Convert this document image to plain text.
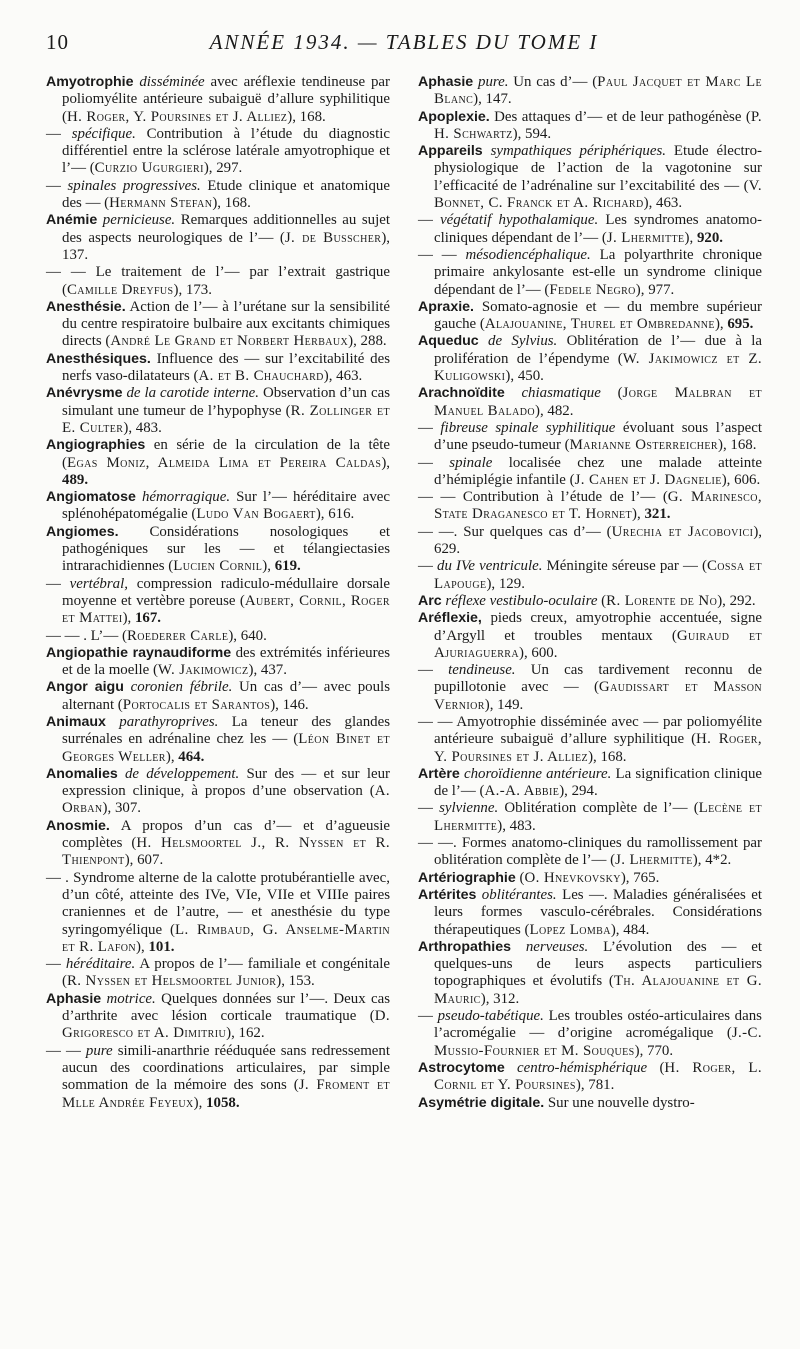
10	ANNÉE 1934. — TABLES DU TOME I
Amyotrophie disséminée avec aréflexie tendineuse par poliomyélite antérieure subaiguë d’allure syphilitique (H. Roger, Y. Poursines et J. Alliez), 168.
— spécifique. Contribution à l’étude du diagnostic différentiel entre la sclérose latérale amyotrophique et l’— (Curzio Ugurgieri), 297.
— spinales progressives. Etude clinique et anatomique des — (Hermann Stefan), 168.
Anémie pernicieuse. Remarques additionnelles au sujet des aspects neurologiques de l’— (J. de Busscher), 137.
— — Le traitement de l’— par l’extrait gastrique (Camille Dreyfus), 173.
Anesthésie. Action de l’— à l’urétane sur la sensibilité du centre respiratoire bulbaire aux excitants chimiques directs (André Le Grand et Norbert Herbaux), 288.
Anesthésiques. Influence des — sur l’excitabilité des nerfs vaso-dilatateurs (A. et B. Chauchard), 463.
Anévrysme de la carotide interne. Observation d’un cas simulant une tumeur de l’hypophyse (R. Zollinger et E. Culter), 483.
Angiographies en série de la circulation de la tête (Egas Moniz, Almeida Lima et Pereira Caldas), 489.
Angiomatose hémorragique. Sur l’— héréditaire avec splénohépatomégalie (Ludo Van Bogaert), 616.
Angiomes. Considérations nosologiques et pathogéniques sur les — et télangiectasies intrarachidiennes (Lucien Cornil), 619.
— vertébral, compression radiculo-médullaire dorsale moyenne et vertèbre poreuse (Aubert, Cornil, Roger et Mattei), 167.
— — . L’— (Roederer Carle), 640.
Angiopathie raynaudiforme des extrémités inférieures et de la moelle (W. Jakimowicz), 437.
Angor aigu coronien fébrile. Un cas d’— avec pouls alternant (Portocalis et Sarantos), 146.
Animaux parathyroprives. La teneur des glandes surrénales en adrénaline chez les — (Léon Binet et Georges Weller), 464.
Anomalies de développement. Sur des — et sur leur expression clinique, à propos d’une observation (A. Orban), 307.
Anosmie. A propos d’un cas d’— et d’agueusie complètes (H. Helsmoortel J., R. Nyssen et R. Thienpont), 607.
— . Syndrome alterne de la calotte protubérantielle avec, d’un côté, atteinte des IVe, VIe, VIIe et VIIIe paires craniennes et de l’autre, — et anesthésie du type syringomyélique (L. Rimbaud, G. Anselme-Martin et R. Lafon), 101.
— héréditaire. A propos de l’— familiale et congénitale (R. Nyssen et Helsmoortel Junior), 153.
Aphasie motrice. Quelques données sur l’—. Deux cas d’arthrite avec lésion corticale traumatique (D. Grigoresco et A. Dimitriu), 162.
— — pure simili-anarthrie rééduquée sans redressement aucun des coordinations articulaires, par simple sommation de la mémoire des sons (J. Froment et Mlle Andrée Feyeux), 1058.
Aphasie pure. Un cas d’— (Paul Jacquet et Marc Le Blanc), 147.
Apoplexie. Des attaques d’— et de leur pathogénèse (P. H. Schwartz), 594.
Appareils sympathiques périphériques. Etude électro-physiologique de l’action de la vagotonine sur l’efficacité de l’adrénaline sur l’excitabilité des — (V. Bonnet, C. Franck et A. Richard), 463.
— végétatif hypothalamique. Les syndromes anatomo-cliniques dépendant de l’— (J. Lhermitte), 920.
— — mésodiencéphalique. La polyarthrite chronique primaire ankylosante est-elle un syndrome clinique dépendant de l’— (Fedele Negro), 977.
Apraxie. Somato-agnosie et — du membre supérieur gauche (Alajouanine, Thurel et Ombredanne), 695.
Aqueduc de Sylvius. Oblitération de l’— due à la prolifération de l’épendyme (W. Jakimowicz et Z. Kuligowski), 450.
Arachnoïdite chiasmatique (Jorge Malbran et Manuel Balado), 482.
— fibreuse spinale syphilitique évoluant sous l’aspect d’une pseudo-tumeur (Marianne Osterreicher), 168.
— spinale localisée chez une malade atteinte d’hémiplégie infantile (J. Cahen et J. Dagnelie), 606.
— — Contribution à l’étude de l’— (G. Marinesco, State Draganesco et T. Hornet), 321.
— —. Sur quelques cas d’— (Urechia et Jacobovici), 629.
— du IVe ventricule. Méningite séreuse par — (Cossa et Lapouge), 129.
Arc réflexe vestibulo-oculaire (R. Lorente de No), 292.
Aréflexie, pieds creux, amyotrophie accentuée, signe d’Argyll et troubles mentaux (Guiraud et Ajuriaguerra), 600.
— tendineuse. Un cas tardivement reconnu de pupillotonie avec — (Gaudissart et Masson Vernior), 149.
— — Amyotrophie disséminée avec — par poliomyélite antérieure subaiguë d’allure syphilitique (H. Roger, Y. Poursines et J. Alliez), 168.
Artère choroïdienne antérieure. La signification clinique de l’— (A.-A. Abbie), 294.
— sylvienne. Oblitération complète de l’— (Lecène et Lhermitte), 483.
— —. Formes anatomo-cliniques du ramollissement par oblitération complète de l’— (J. Lhermitte), 4*2.
Artériographie (O. Hnevkovsky), 765.
Artérites oblitérantes. Les —. Maladies généralisées et leurs formes vasculo-cérébrales. Considérations thérapeutiques (Lopez Lomba), 484.
Arthropathies nerveuses. L’évolution des — et quelques-uns de leurs aspects particuliers topographiques et évolutifs (Th. Alajouanine et G. Mauric), 312.
— pseudo-tabétique. Les troubles ostéo-articulaires dans l’acromégalie — d’origine acromégalique (J.-C. Mussio-Fournier et M. Souques), 770.
Astrocytome centro-hémisphérique (H. Roger, L. Cornil et Y. Poursines), 781.
Asymétrie digitale. Sur une nouvelle dystro-
